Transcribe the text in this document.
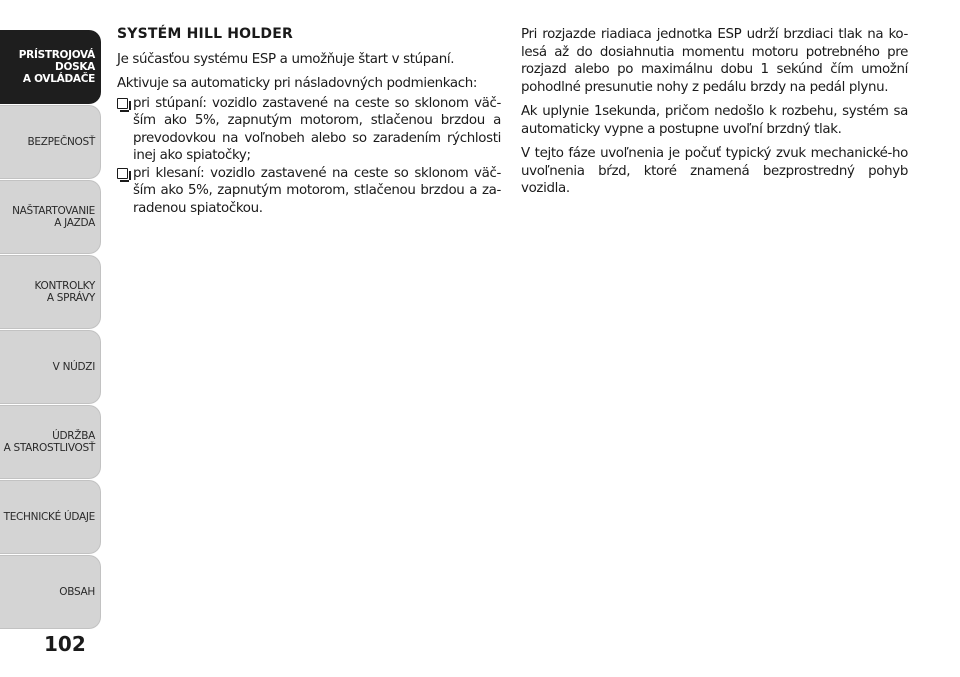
PRÍSTROJOVÁ
DOSKA
A OVLÁDAČE
BEZPEČNOSŤ
NAŠTARTOVANIE
A JAZDA
KONTROLKY
A SPRÁVY
V NÚDZI
ÚDRŽBA
A STAROSTLIVOSŤ
TECHNICKÉ ÚDAJE
OBSAH
102
SYSTÉM HILL HOLDER

Je súčasťou systému ESP a umožňuje štart v stúpaní.

Aktivuje sa automaticky pri násladovných podmienkach:

pri stúpaní: vozidlo zastavené na ceste so sklonom väč-ším ako 5%, zapnutým motorom, stlačenou brzdou a prevodovkou na voľnobeh alebo so zaradením rýchlosti inej ako spiatočky;
pri klesaní: vozidlo zastavené na ceste so sklonom väč-ším ako 5%, zapnutým motorom, stlačenou brzdou a za-radenou spiatočkou.

Pri rozjazde riadiaca jednotka ESP udrží brzdiaci tlak na ko-lesá až do dosiahnutia momentu motoru potrebného pre rozjazd alebo po maximálnu dobu 1 sekúnd čím umožní pohodlné presunutie nohy z pedálu brzdy na pedál plynu.

Ak uplynie 1sekunda, pričom nedošlo k rozbehu, systém sa automaticky vypne a postupne uvoľní brzdný tlak.

V tejto fáze uvoľnenia je počuť typický zvuk mechanické-ho uvoľnenia bŕzd, ktoré znamená bezprostredný pohyb vozidla.
